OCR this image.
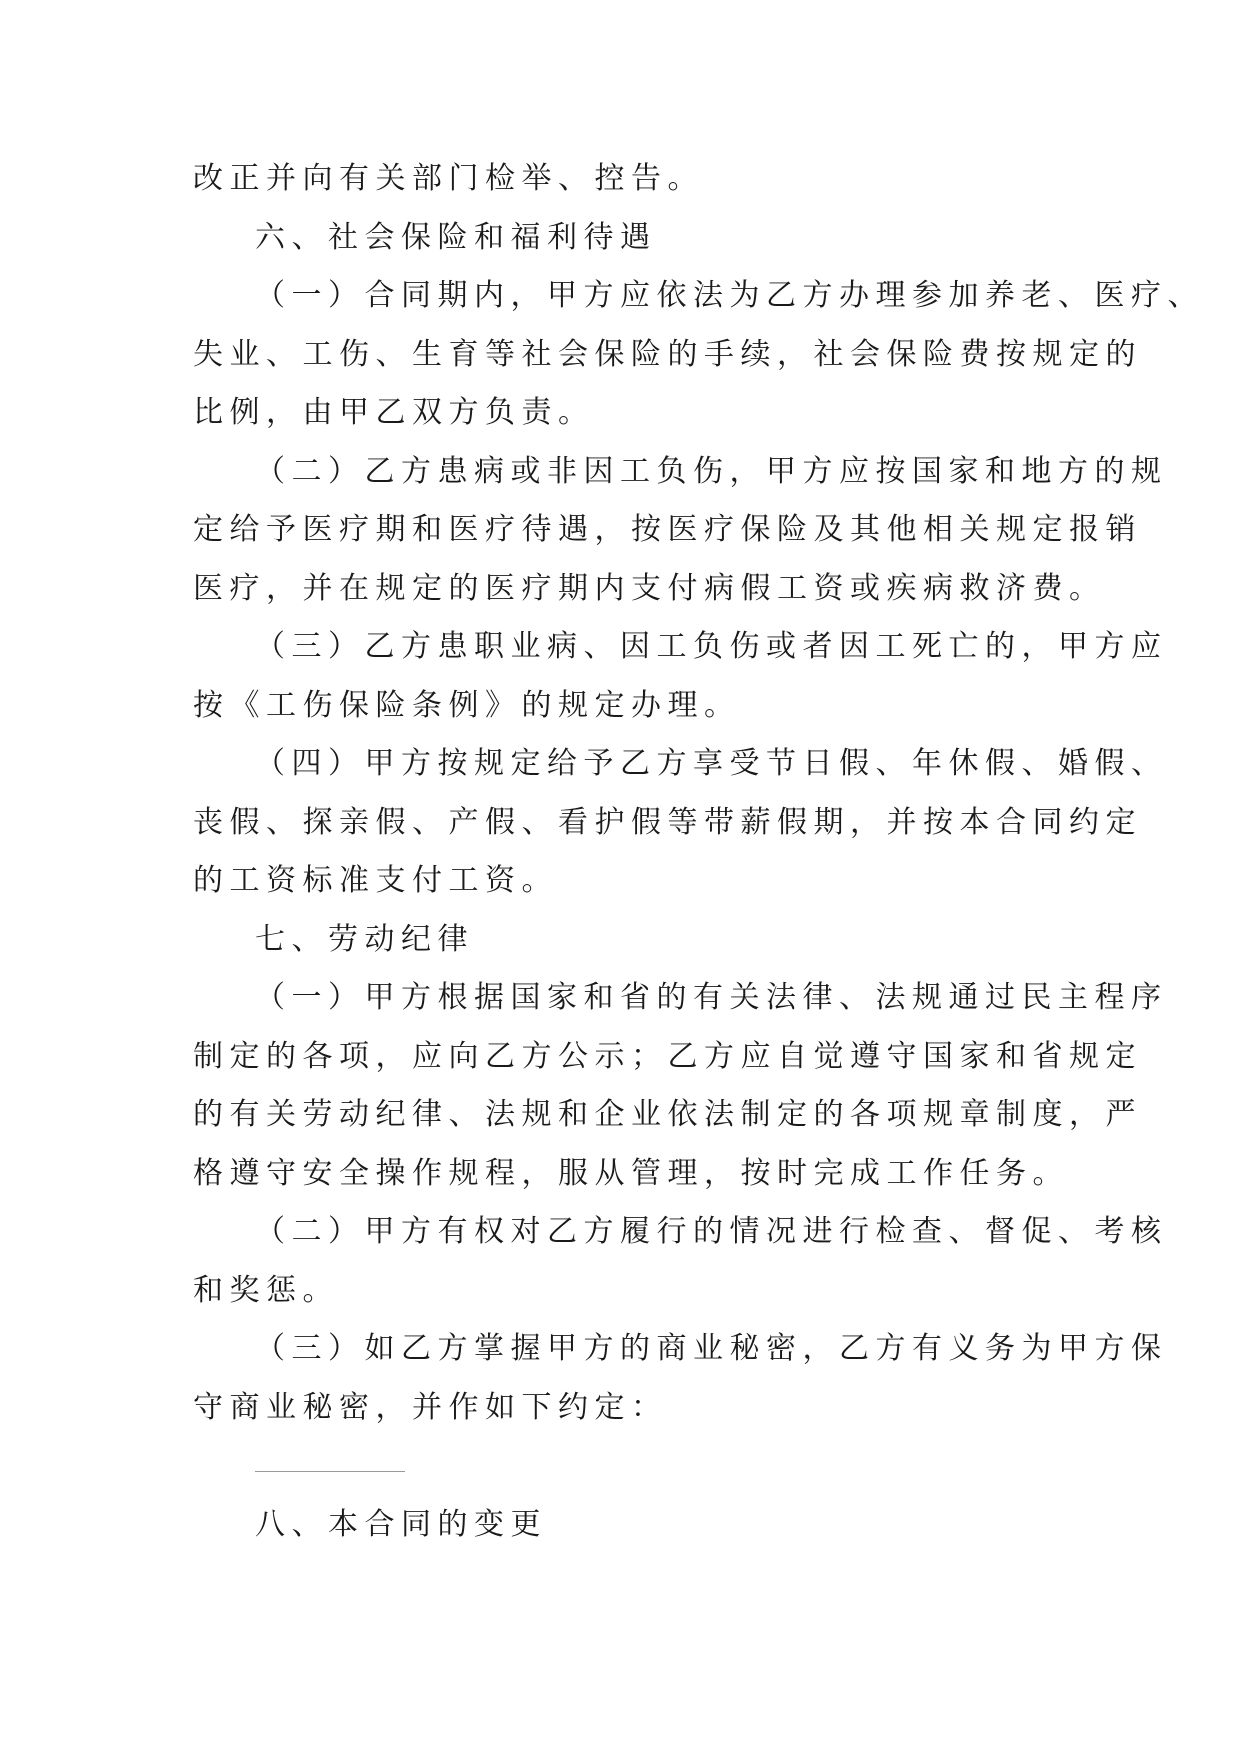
改正并向有关部门检举、控告。
六、社会保险和福利待遇
（一）合同期内，甲方应依法为乙方办理参加养老、医疗、
失业、工伤、生育等社会保险的手续，社会保险费按规定的
比例，由甲乙双方负责。
（二）乙方患病或非因工负伤，甲方应按国家和地方的规
定给予医疗期和医疗待遇，按医疗保险及其他相关规定报销
医疗，并在规定的医疗期内支付病假工资或疾病救济费。
（三）乙方患职业病、因工负伤或者因工死亡的，甲方应
按《工伤保险条例》的规定办理。
（四）甲方按规定给予乙方享受节日假、年休假、婚假、
丧假、探亲假、产假、看护假等带薪假期，并按本合同约定
的工资标准支付工资。
七、劳动纪律
（一）甲方根据国家和省的有关法律、法规通过民主程序
制定的各项，应向乙方公示；乙方应自觉遵守国家和省规定
的有关劳动纪律、法规和企业依法制定的各项规章制度，严
格遵守安全操作规程，服从管理，按时完成工作任务。
（二）甲方有权对乙方履行的情况进行检查、督促、考核
和奖惩。
（三）如乙方掌握甲方的商业秘密，乙方有义务为甲方保
守商业秘密，并作如下约定：
八、本合同的变更
